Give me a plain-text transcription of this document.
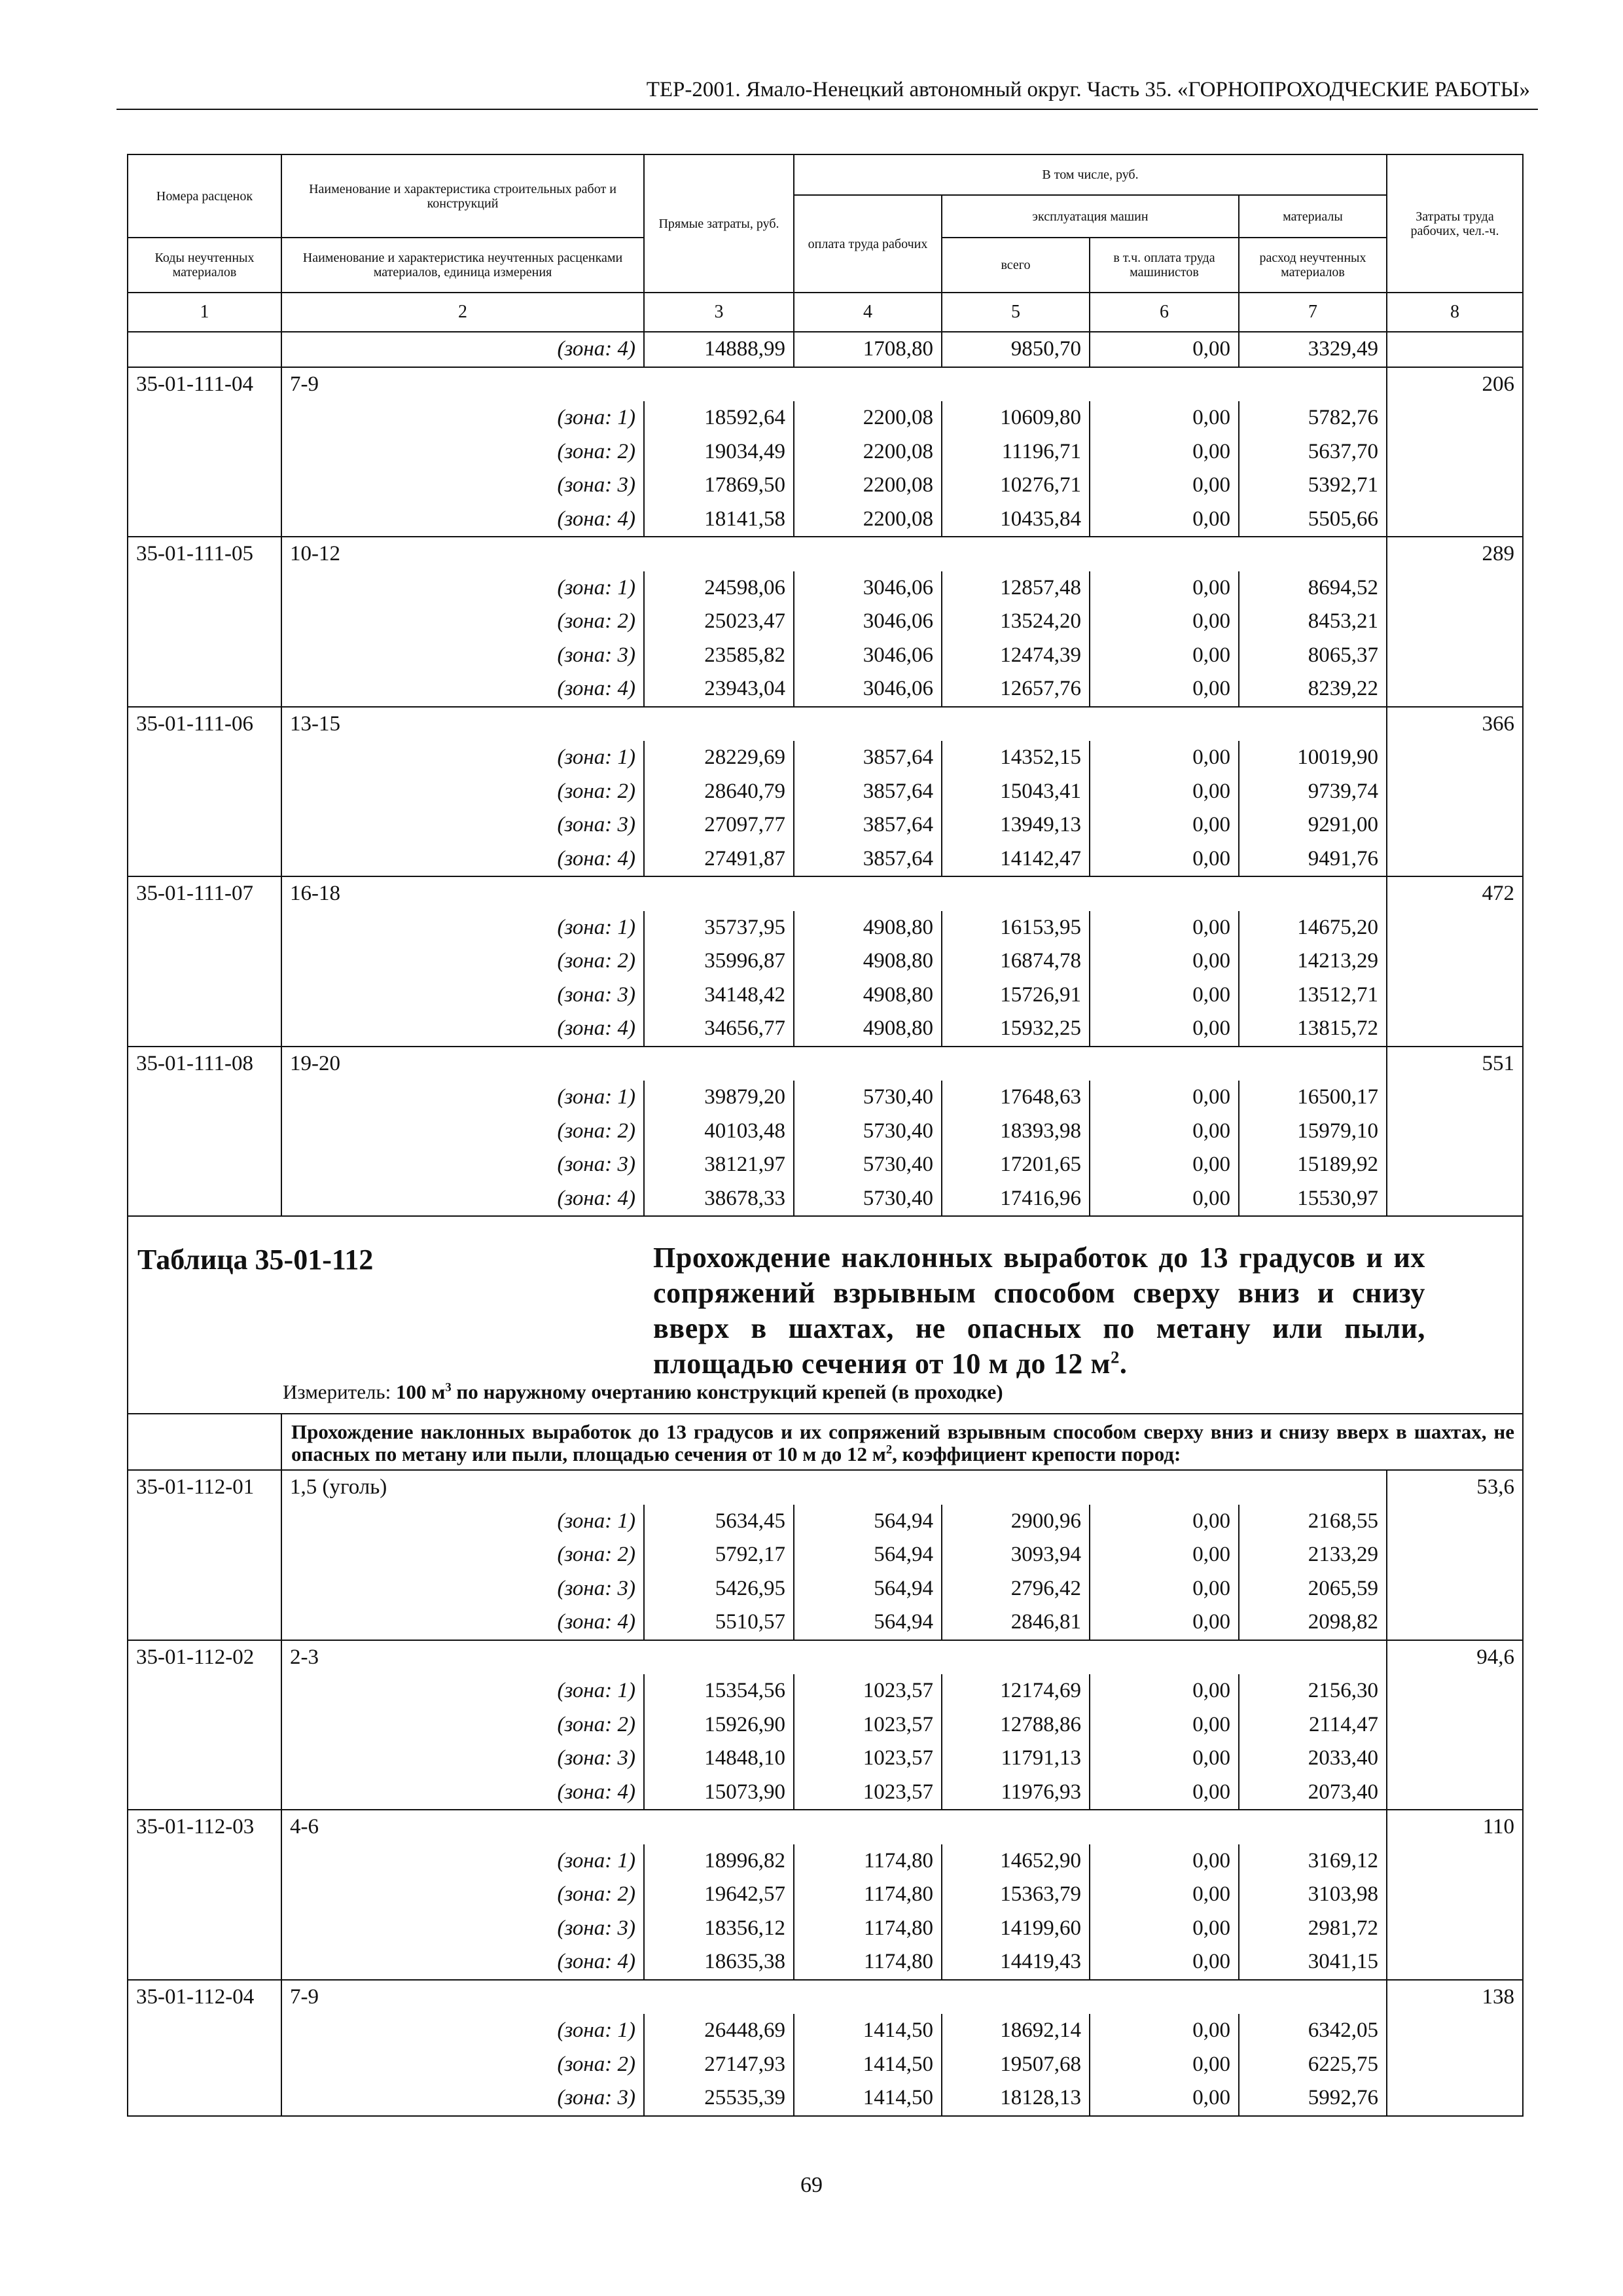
ТЕР-2001. Ямало-Ненецкий автономный округ. Часть 35. «ГОРНОПРОХОДЧЕСКИЕ РАБОТЫ»
Номера расценок	Наименование и характеристика строительных работ и конструкций	Прямые затраты, руб.	В том числе, руб.				Затраты труда рабочих, чел.-ч.
			оплата труда рабочих	эксплуатация машин		материалы	
Коды неучтенных материалов	Наименование и характеристика неучтенных расценками материалов, единица измерения			всего	в т.ч. оплата труда машинистов	расход неучтенных материалов	
1	2	3	4	5	6	7	8
	(зона: 4)	14888,99	1708,80	9850,70	0,00	3329,49	
35-01-111-04	7-9						206
	(зона: 1)	18592,64	2200,08	10609,80	0,00	5782,76	
	(зона: 2)	19034,49	2200,08	11196,71	0,00	5637,70	
	(зона: 3)	17869,50	2200,08	10276,71	0,00	5392,71	
	(зона: 4)	18141,58	2200,08	10435,84	0,00	5505,66	
35-01-111-05	10-12						289
	(зона: 1)	24598,06	3046,06	12857,48	0,00	8694,52	
	(зона: 2)	25023,47	3046,06	13524,20	0,00	8453,21	
	(зона: 3)	23585,82	3046,06	12474,39	0,00	8065,37	
	(зона: 4)	23943,04	3046,06	12657,76	0,00	8239,22	
35-01-111-06	13-15						366
	(зона: 1)	28229,69	3857,64	14352,15	0,00	10019,90	
	(зона: 2)	28640,79	3857,64	15043,41	0,00	9739,74	
	(зона: 3)	27097,77	3857,64	13949,13	0,00	9291,00	
	(зона: 4)	27491,87	3857,64	14142,47	0,00	9491,76	
35-01-111-07	16-18						472
	(зона: 1)	35737,95	4908,80	16153,95	0,00	14675,20	
	(зона: 2)	35996,87	4908,80	16874,78	0,00	14213,29	
	(зона: 3)	34148,42	4908,80	15726,91	0,00	13512,71	
	(зона: 4)	34656,77	4908,80	15932,25	0,00	13815,72	
35-01-111-08	19-20						551
	(зона: 1)	39879,20	5730,40	17648,63	0,00	16500,17	
	(зона: 2)	40103,48	5730,40	18393,98	0,00	15979,10	
	(зона: 3)	38121,97	5730,40	17201,65	0,00	15189,92	
	(зона: 4)	38678,33	5730,40	17416,96	0,00	15530,97	

Таблица 35-01-112 Прохождение наклонных выработок до 13 градусов и их сопряжений взрывным способом сверху вниз и снизу вверх в шахтах, не опасных по метану или пыли, площадью сечения от 10 м до 12 $м^2$.
Измеритель: 100 $м^3$ по наружному очертанию конструкций крепей (в проходке)							

	Прохождение наклонных выработок до 13 градусов и их сопряжений взрывным способом сверху вниз и снизу вверх в шахтах, не опасных по метану или пыли, площадью сечения от 10 м до 12 $м^2$, коэффициент крепости пород:						
35-01-112-01	1,5 (уголь)						53,6
	(зона: 1)	5634,45	564,94	2900,96	0,00	2168,55	
	(зона: 2)	5792,17	564,94	3093,94	0,00	2133,29	
	(зона: 3)	5426,95	564,94	2796,42	0,00	2065,59	
	(зона: 4)	5510,57	564,94	2846,81	0,00	2098,82	
35-01-112-02	2-3						94,6
	(зона: 1)	15354,56	1023,57	12174,69	0,00	2156,30	
	(зона: 2)	15926,90	1023,57	12788,86	0,00	2114,47	
	(зона: 3)	14848,10	1023,57	11791,13	0,00	2033,40	
	(зона: 4)	15073,90	1023,57	11976,93	0,00	2073,40	
35-01-112-03	4-6						110
	(зона: 1)	18996,82	1174,80	14652,90	0,00	3169,12	
	(зона: 2)	19642,57	1174,80	15363,79	0,00	3103,98	
	(зона: 3)	18356,12	1174,80	14199,60	0,00	2981,72	
	(зона: 4)	18635,38	1174,80	14419,43	0,00	3041,15	
35-01-112-04	7-9						138
	(зона: 1)	26448,69	1414,50	18692,14	0,00	6342,05	
	(зона: 2)	27147,93	1414,50	19507,68	0,00	6225,75	
	(зона: 3)	25535,39	1414,50	18128,13	0,00	5992,76	
69
